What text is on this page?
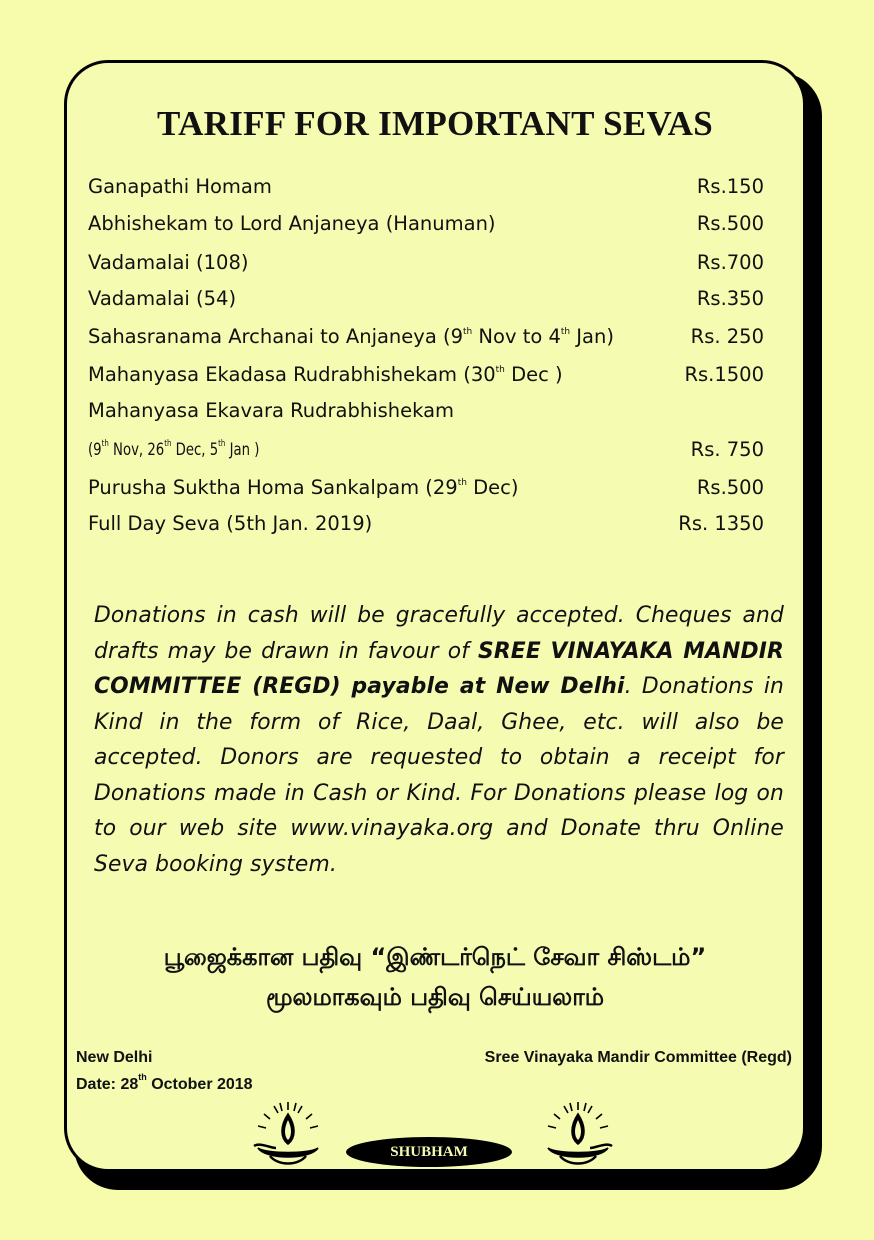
TARIFF FOR IMPORTANT SEVAS
Ganapathi Homam	Rs.150
Abhishekam to Lord Anjaneya (Hanuman)	Rs.500
Vadamalai (108)	Rs.700
Vadamalai (54)	Rs.350
Sahasranama Archanai to Anjaneya (9th Nov to 4th Jan)	Rs. 250
Mahanyasa Ekadasa Rudrabhishekam (30th Dec )	Rs.1500
Mahanyasa Ekavara Rudrabhishekam
(9th Nov, 26th Dec, 5th Jan )	Rs. 750
Purusha Suktha Homa Sankalpam (29th Dec)	Rs.500
Full Day Seva (5th Jan. 2019)	Rs. 1350
Donations in cash will be gracefully accepted. Cheques and drafts may be drawn in favour of SREE VINAYAKA MANDIR COMMITTEE (REGD) payable at New Delhi. Donations in Kind in the form of Rice, Daal, Ghee, etc. will also be accepted. Donors are requested to obtain a receipt for Donations made in Cash or Kind. For Donations please log on to our web site www.vinayaka.org and Donate thru Online Seva booking system.
பூஜைக்கான பதிவு “இண்டர்நெட் சேவா சிஸ்டம்”
மூலமாகவும் பதிவு செய்யலாம்
New Delhi
Date: 28th October 2018
Sree Vinayaka Mandir Committee (Regd)
SHUBHAM
